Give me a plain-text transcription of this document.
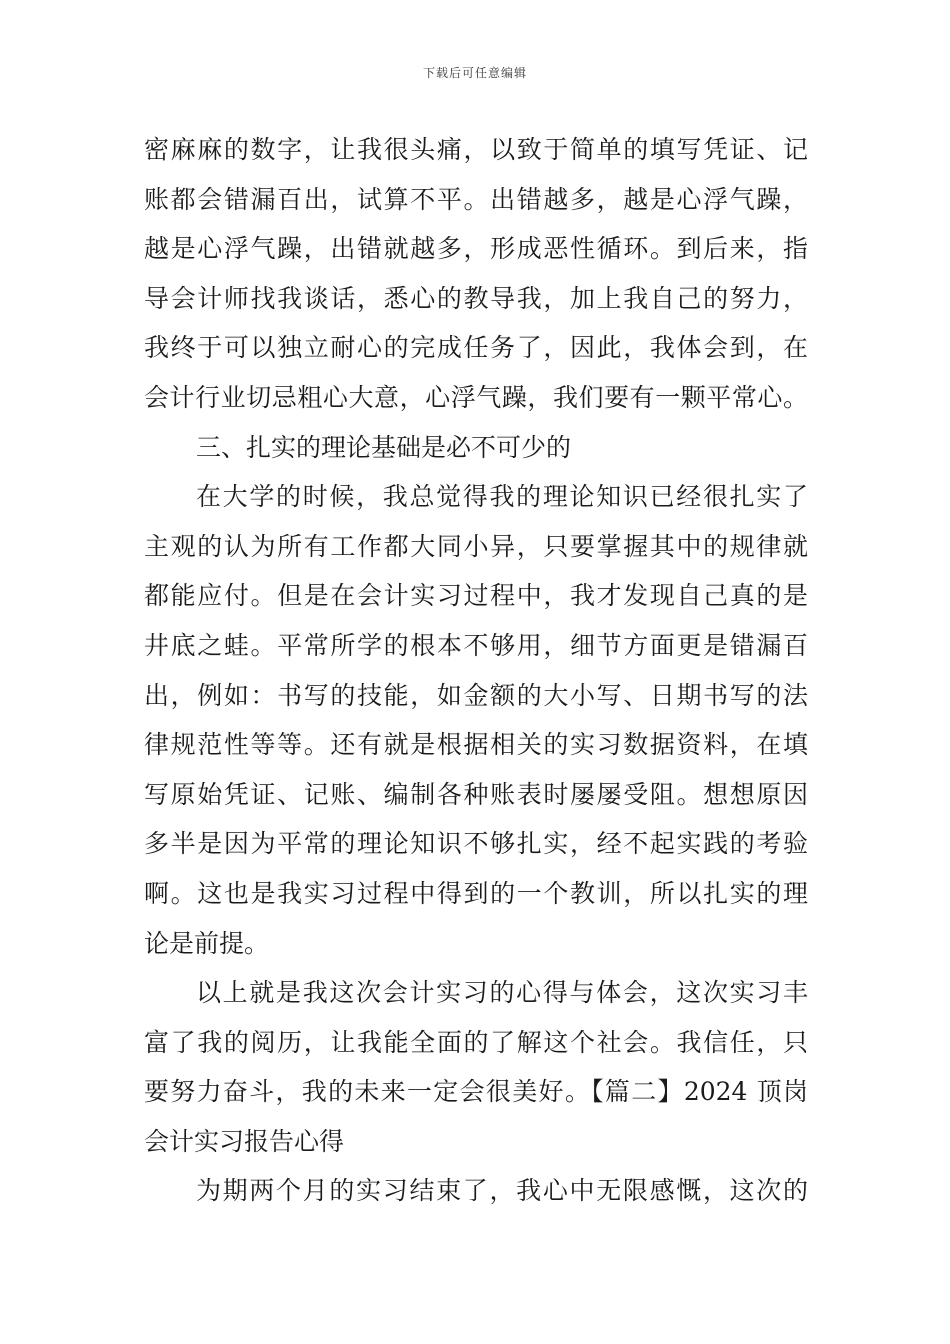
下载后可任意编辑
密麻麻的数字，让我很头痛，以致于简单的填写凭证、记
账都会错漏百出，试算不平。出错越多，越是心浮气躁，
越是心浮气躁，出错就越多，形成恶性循环。到后来，指
导会计师找我谈话，悉心的教导我，加上我自己的努力，
我终于可以独立耐心的完成任务了，因此，我体会到，在
会计行业切忌粗心大意，心浮气躁，我们要有一颗平常心。
三、扎实的理论基础是必不可少的
在大学的时候，我总觉得我的理论知识已经很扎实了
主观的认为所有工作都大同小异，只要掌握其中的规律就
都能应付。但是在会计实习过程中，我才发现自己真的是
井底之蛙。平常所学的根本不够用，细节方面更是错漏百
出，例如：书写的技能，如金额的大小写、日期书写的法
律规范性等等。还有就是根据相关的实习数据资料，在填
写原始凭证、记账、编制各种账表时屡屡受阻。想想原因
多半是因为平常的理论知识不够扎实，经不起实践的考验
啊。这也是我实习过程中得到的一个教训，所以扎实的理
论是前提。
以上就是我这次会计实习的心得与体会，这次实习丰
富了我的阅历，让我能全面的了解这个社会。我信任，只
要努力奋斗，我的未来一定会很美好。【篇二】2024 顶岗
会计实习报告心得
为期两个月的实习结束了，我心中无限感慨，这次的
